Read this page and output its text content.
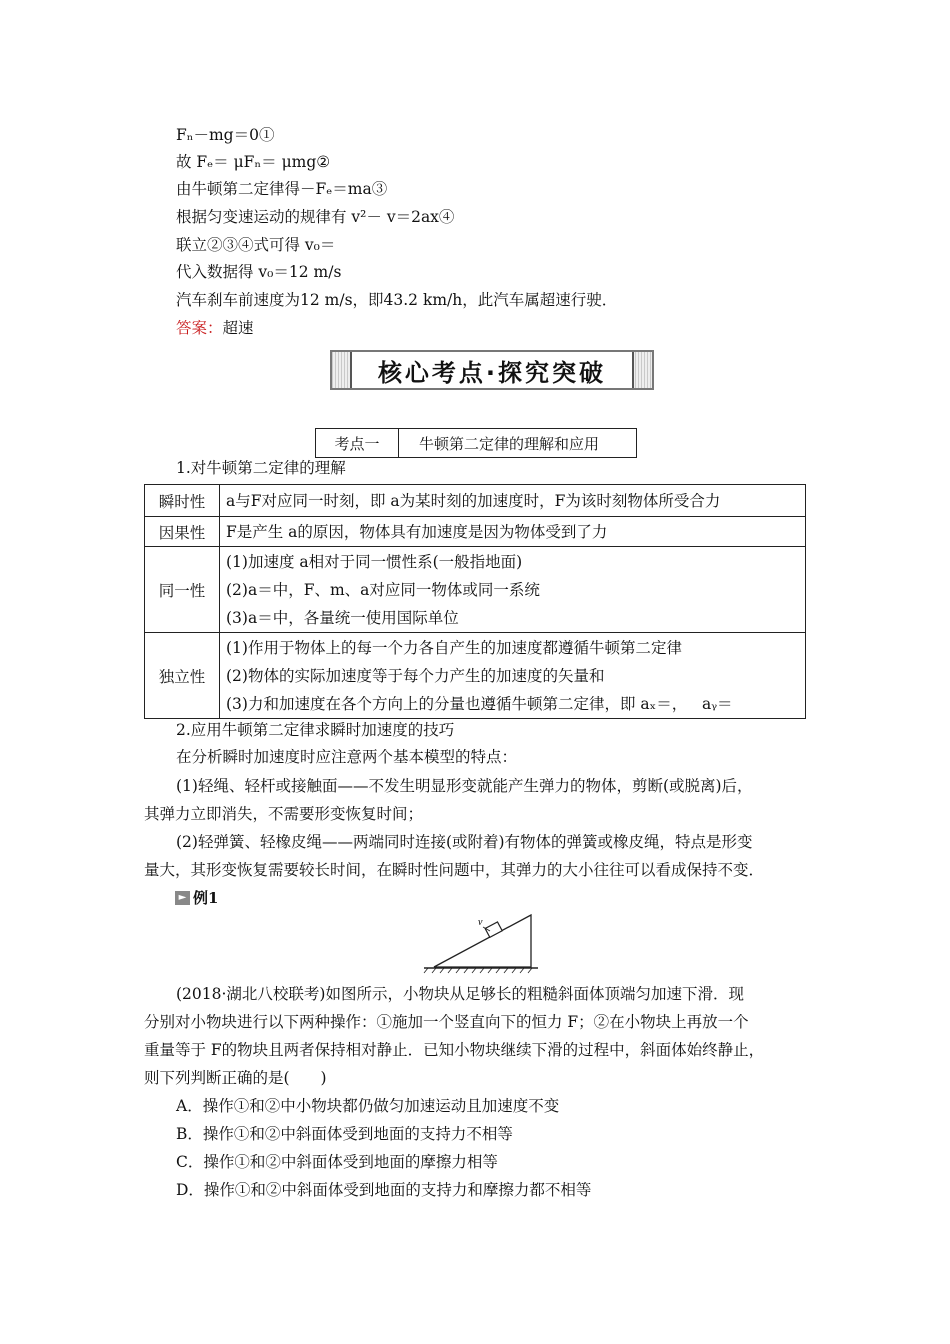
Fₙ－mg＝0①
故 Fₑ＝ μFₙ＝ μmg②
由牛顿第二定律得－Fₑ＝ma③
根据匀变速运动的规律有 v²－ v＝2ax④
联立②③④式可得 v₀＝
代入数据得 v₀＝12 m/s
汽车刹车前速度为12 m/s，即43.2 km/h，此汽车属超速行驶．
答案：超速
核心考点·探究突破
考点一	牛顿第二定律的理解和应用
1.对牛顿第二定律的理解
瞬时性	a与F对应同一时刻，即 a为某时刻的加速度时，F为该时刻物体所受合力

因果性	F是产生 a的原因，物体具有加速度是因为物体受到了力

同一性	(1)加速度 a相对于同一惯性系(一般指地面)
(2)a＝中，F、m、a对应同一物体或同一系统
(3)a＝中，各量统一使用国际单位

独立性	(1)作用于物体上的每一个力各自产生的加速度都遵循牛顿第二定律
(2)物体的实际加速度等于每个力产生的加速度的矢量和
(3)力和加速度在各个方向上的分量也遵循牛顿第二定律，即 aₓ＝，   aᵧ＝
2.应用牛顿第二定律求瞬时加速度的技巧
在分析瞬时加速度时应注意两个基本模型的特点：
(1)轻绳、轻杆或接触面——不发生明显形变就能产生弹力的物体，剪断(或脱离)后，
其弹力立即消失，不需要形变恢复时间；
(2)轻弹簧、轻橡皮绳——两端同时连接(或附着)有物体的弹簧或橡皮绳，特点是形变
量大，其形变恢复需要较长时间，在瞬时性问题中，其弹力的大小往往可以看成保持不变．
► 例1
v
(2018·湖北八校联考)如图所示，小物块从足够长的粗糙斜面体顶端匀加速下滑．现
分别对小物块进行以下两种操作：①施加一个竖直向下的恒力 F；②在小物块上再放一个
重量等于 F的物块且两者保持相对静止．已知小物块继续下滑的过程中，斜面体始终静止，
则下列判断正确的是(　　)
A．操作①和②中小物块都仍做匀加速运动且加速度不变
B．操作①和②中斜面体受到地面的支持力不相等
C．操作①和②中斜面体受到地面的摩擦力相等
D．操作①和②中斜面体受到地面的支持力和摩擦力都不相等
